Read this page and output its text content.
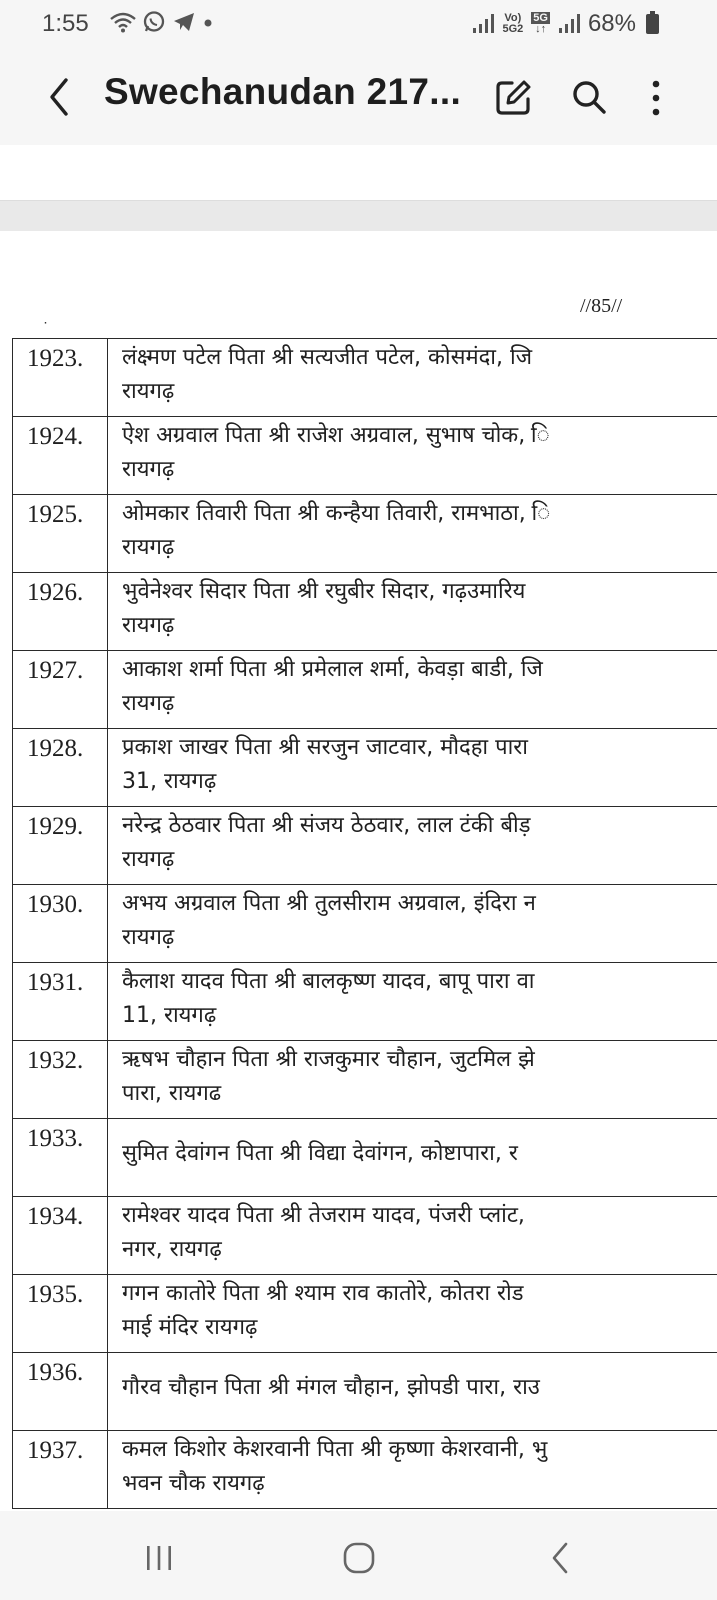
1:55	Vo)
5G2
5G
↓↑ 68%
Swechanudan 217...
//85//
˙
1923.	लंक्ष्मण पटेल पिता श्री सत्यजीत पटेल, कोसमंदा, जि
रायगढ़

1924.	ऐश अग्रवाल पिता श्री राजेश अग्रवाल, सुभाष चोक, ि
रायगढ़

1925.	ओमकार तिवारी पिता श्री कन्हैया तिवारी, रामभाठा, ि
रायगढ़

1926.	भुवेनेश्वर सिदार पिता श्री रघुबीर सिदार, गढ़उमारिय
रायगढ़

1927.	आकाश शर्मा पिता श्री प्रमेलाल शर्मा, केवड़ा बाडी, जि
रायगढ़

1928.	प्रकाश जाखर पिता श्री सरजुन जाटवार, मौदहा पारा
31, रायगढ़

1929.	नरेन्द्र ठेठवार पिता श्री संजय ठेठवार, लाल टंकी बीड़
रायगढ़

1930.	अभय अग्रवाल पिता श्री तुलसीराम अग्रवाल, इंदिरा न
रायगढ़

1931.	कैलाश यादव पिता श्री बालकृष्ण यादव, बापू पारा वा
11, रायगढ़

1932.	ऋषभ चौहान पिता श्री राजकुमार चौहान, जुटमिल झे
पारा, रायगढ

1933.	सुमित देवांगन पिता श्री विद्या देवांगन, कोष्टापारा, र

1934.	रामेश्वर यादव पिता श्री तेजराम यादव, पंजरी प्लांट,
नगर, रायगढ़

1935.	गगन कातोरे पिता श्री श्याम राव कातोरे, कोतरा रोड
माई मंदिर रायगढ़

1936.	गौरव चौहान पिता श्री मंगल चौहान, झोपडी पारा, राउ

1937.	कमल किशोर केशरवानी पिता श्री कृष्णा केशरवानी, भु
भवन चौक रायगढ़
